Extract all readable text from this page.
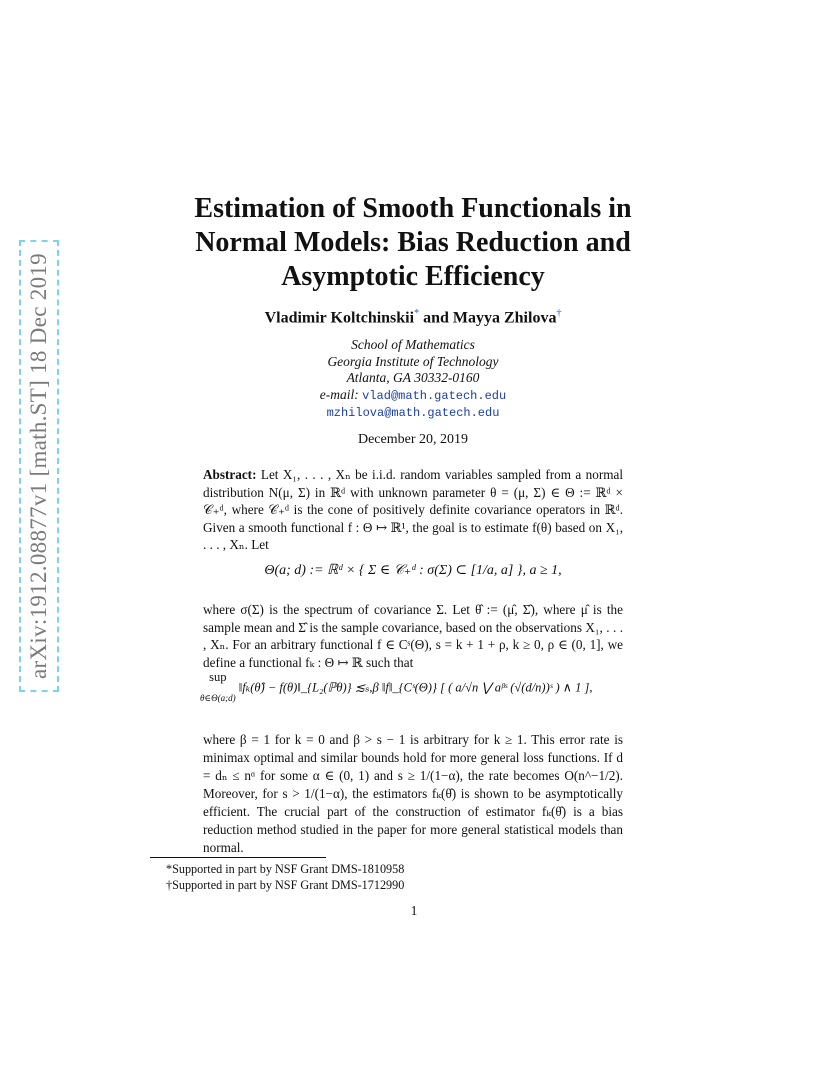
arXiv:1912.08877v1 [math.ST] 18 Dec 2019
Estimation of Smooth Functionals in
Normal Models: Bias Reduction and
Asymptotic Efficiency
Vladimir Koltchinskii* and Mayya Zhilova†
School of Mathematics
Georgia Institute of Technology
Atlanta, GA 30332-0160
e-mail: vlad@math.gatech.edu
mzhilova@math.gatech.edu
December 20, 2019

Abstract: Let X₁, . . . , Xₙ be i.i.d. random variables sampled from a normal distribution N(μ, Σ) in ℝᵈ with unknown parameter θ = (μ, Σ) ∈ Θ := ℝᵈ × 𝒞₊ᵈ, where 𝒞₊ᵈ is the cone of positively definite covariance operators in ℝᵈ. Given a smooth functional f : Θ ↦ ℝ¹, the goal is to estimate f(θ) based on X₁, . . . , Xₙ. Let

Θ(a; d) := ℝᵈ × { Σ ∈ 𝒞₊ᵈ : σ(Σ) ⊂ [1/a, a] }, a ≥ 1,
where σ(Σ) is the spectrum of covariance Σ. Let θ̂ := (μ̂, Σ̂), where μ̂ is the sample mean and Σ̂ is the sample covariance, based on the observations X₁, . . . , Xₙ. For an arbitrary functional f ∈ Cˢ(Θ), s = k + 1 + ρ, k ≥ 0, ρ ∈ (0, 1], we define a functional fₖ : Θ ↦ ℝ such that
sup
θ∈Θ(a;d) ‖fₖ(θ̂) − f(θ)‖_{L₂(ℙθ)} ≲ₛ,β ‖f‖_{Cˢ(Θ)} [ ( a/√n ⋁ aᵝˢ (√(d/n))ˢ ) ∧ 1 ],
where β = 1 for k = 0 and β > s − 1 is arbitrary for k ≥ 1. This error rate is minimax optimal and similar bounds hold for more general loss functions. If d = dₙ ≤ nᵅ for some α ∈ (0, 1) and s ≥ 1/(1−α), the rate becomes O(n^−1/2). Moreover, for s > 1/(1−α), the estimators fₖ(θ̂) is shown to be asymptotically efficient. The crucial part of the construction of estimator fₖ(θ̂) is a bias reduction method studied in the paper for more general statistical models than normal.
*Supported in part by NSF Grant DMS-1810958
†Supported in part by NSF Grant DMS-1712990
1
